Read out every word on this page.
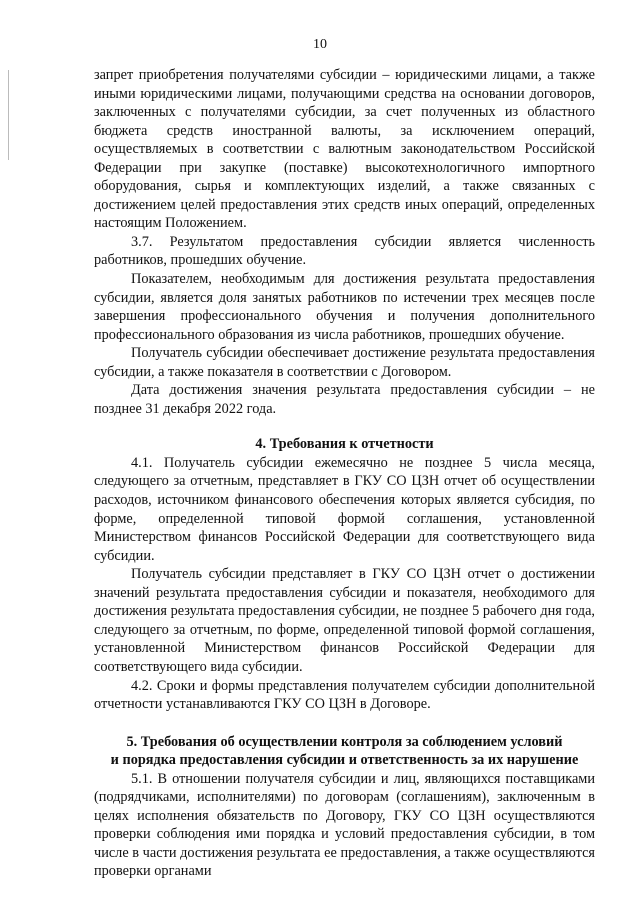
10

запрет приобретения получателями субсидии – юридическими лицами, а также иными юридическими лицами, получающими средства на основании договоров, заключенных с получателями субсидии, за счет полученных из областного бюджета средств иностранной валюты, за исключением операций, осуществляемых в соответствии с валютным законодательством Российской Федерации при закупке (поставке) высокотехнологичного импортного оборудования, сырья и комплектующих изделий, а также связанных с достижением целей предоставления этих средств иных операций, определенных настоящим Положением.

3.7. Результатом предоставления субсидии является численность работников, прошедших обучение.

Показателем, необходимым для достижения результата предоставления субсидии, является доля занятых работников по истечении трех месяцев после завершения профессионального обучения и получения дополнительного профессионального образования из числа работников, прошедших обучение.

Получатель субсидии обеспечивает достижение результата предоставления субсидии, а также показателя в соответствии с Договором.

Дата достижения значения результата предоставления субсидии – не позднее 31 декабря 2022 года.

4. Требования к отчетности

4.1. Получатель субсидии ежемесячно не позднее 5 числа месяца, следующего за отчетным, представляет в ГКУ СО ЦЗН отчет об осуществлении расходов, источником финансового обеспечения которых является субсидия, по форме, определенной типовой формой соглашения, установленной Министерством финансов Российской Федерации для соответствующего вида субсидии.

Получатель субсидии представляет в ГКУ СО ЦЗН отчет о достижении значений результата предоставления субсидии и показателя, необходимого для достижения результата предоставления субсидии, не позднее 5 рабочего дня года, следующего за отчетным, по форме, определенной типовой формой соглашения, установленной Министерством финансов Российской Федерации для соответствующего вида субсидии.

4.2. Сроки и формы представления получателем субсидии дополнительной отчетности устанавливаются ГКУ СО ЦЗН в Договоре.

5. Требования об осуществлении контроля за соблюдением условий
и порядка предоставления субсидии и ответственность за их нарушение

5.1. В отношении получателя субсидии и лиц, являющихся поставщиками (подрядчиками, исполнителями) по договорам (соглашениям), заключенным в целях исполнения обязательств по Договору, ГКУ СО ЦЗН осуществляются проверки соблюдения ими порядка и условий предоставления субсидии, в том числе в части достижения результата ее предоставления, а также осуществляются проверки органами
